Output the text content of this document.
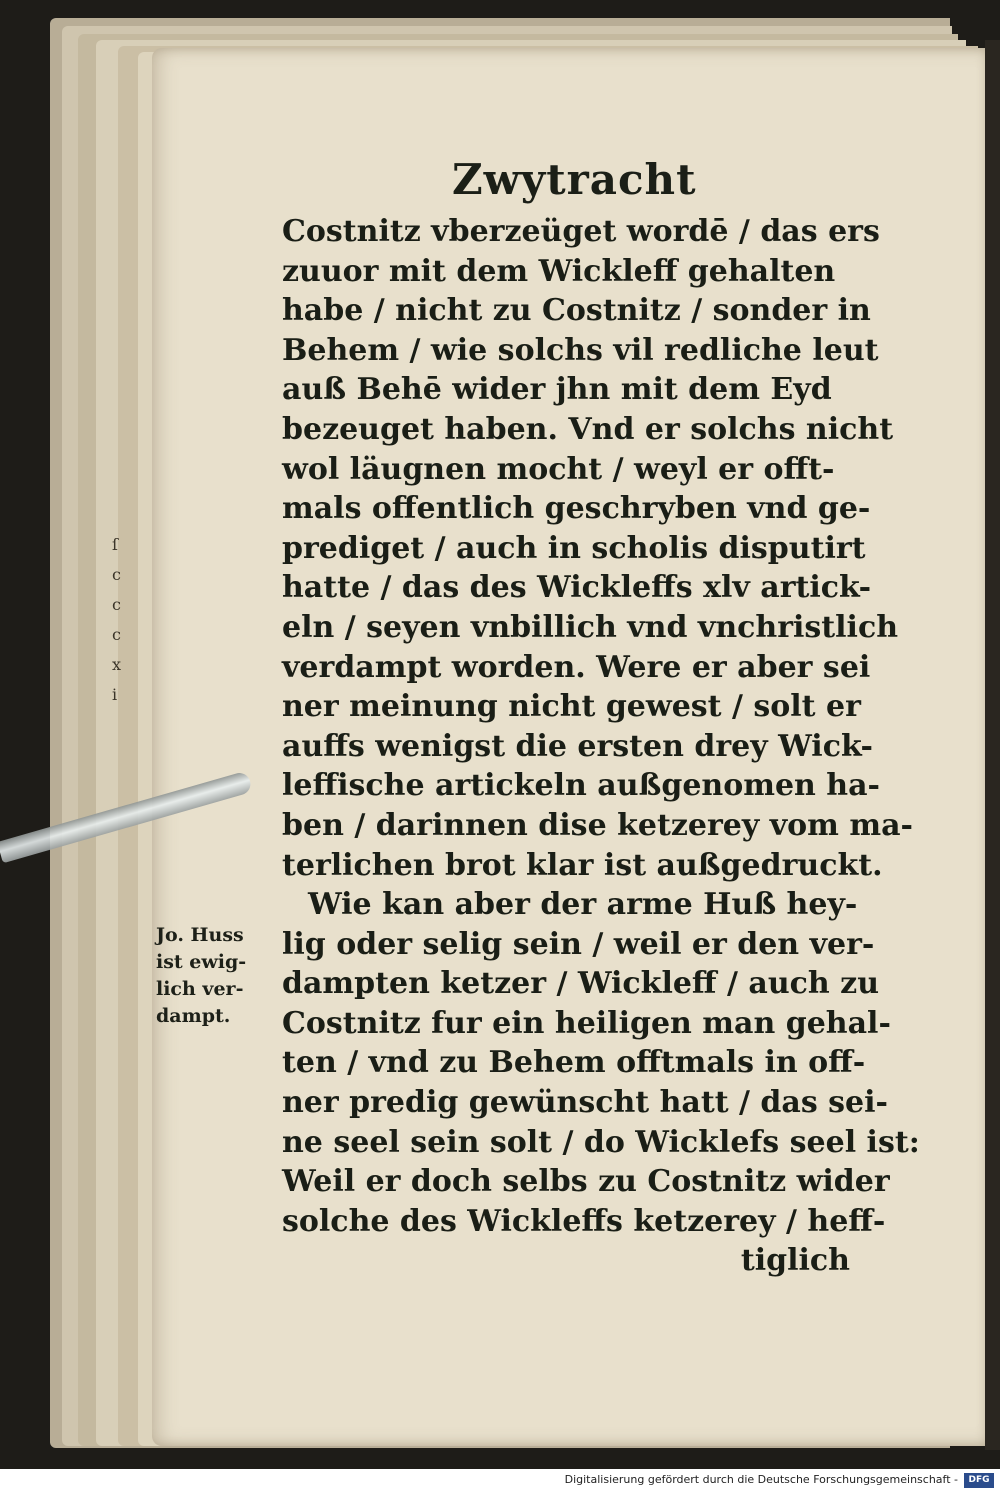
ſ
c
c
c
x
i
Zwytracht
Costnitz vberzeüget wordē / das ers
zuuor mit dem Wickleff gehalten
habe / nicht zu Costnitz / sonder in
Behem / wie solchs vil redliche leut
auß Behē wider jhn mit dem Eyd
bezeuget haben. Vnd er solchs nicht
wol läugnen mocht / weyl er offt-
mals offentlich geschryben vnd ge-
prediget / auch in scholis disputirt
hatte / das des Wickleffs xlv artick-
eln / seyen vnbillich vnd vnchristlich
verdampt worden. Were er aber sei
ner meinung nicht gewest / solt er
auffs wenigst die ersten drey Wick-
leffische artickeln außgenomen ha-
ben / darinnen dise ketzerey vom ma-
terlichen brot klar ist außgedruckt.
Wie kan aber der arme Huß hey-
lig oder selig sein / weil er den ver-
dampten ketzer / Wickleff / auch zu
Costnitz fur ein heiligen man gehal-
ten / vnd zu Behem offtmals in off-
ner predig gewünscht hatt / das sei-
ne seel sein solt / do Wicklefs seel ist:
Weil er doch selbs zu Costnitz wider
solche des Wickleffs ketzerey / heff-
tiglich
Jo. Huss
ist ewig-
lich ver-
dampt.
Digitalisierung gefördert durch die Deutsche Forschungsgemeinschaft -	DFG
